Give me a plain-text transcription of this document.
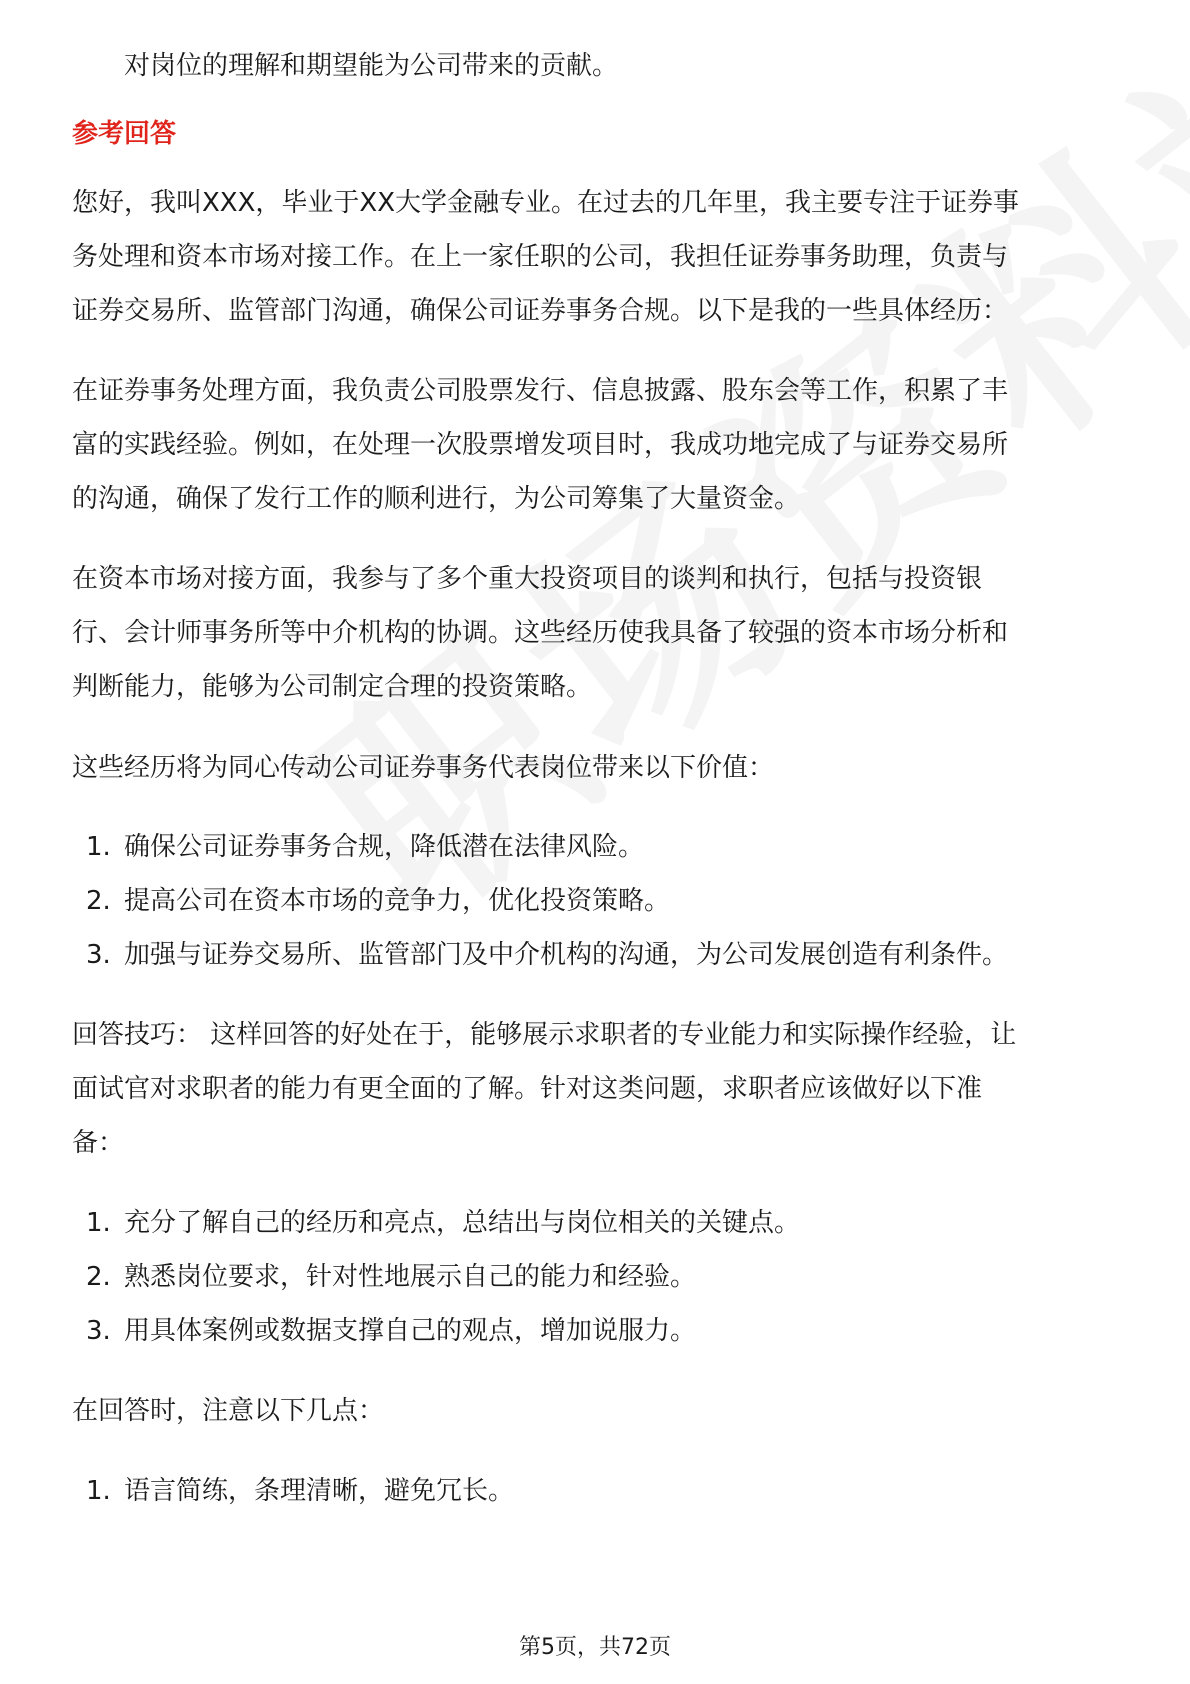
对岗位的理解和期望能为公司带来的贡献。
参考回答
您好，我叫XXX，毕业于XX大学金融专业。在过去的几年里，我主要专注于证券事
务处理和资本市场对接工作。在上一家任职的公司，我担任证券事务助理，负责与
证券交易所、监管部门沟通，确保公司证券事务合规。以下是我的一些具体经历：
在证券事务处理方面，我负责公司股票发行、信息披露、股东会等工作，积累了丰
富的实践经验。例如，在处理一次股票增发项目时，我成功地完成了与证券交易所
的沟通，确保了发行工作的顺利进行，为公司筹集了大量资金。
在资本市场对接方面，我参与了多个重大投资项目的谈判和执行，包括与投资银
行、会计师事务所等中介机构的协调。这些经历使我具备了较强的资本市场分析和
判断能力，能够为公司制定合理的投资策略。
这些经历将为同心传动公司证券事务代表岗位带来以下价值：
1. 确保公司证券事务合规，降低潜在法律风险。
2. 提高公司在资本市场的竞争力，优化投资策略。
3. 加强与证券交易所、监管部门及中介机构的沟通，为公司发展创造有利条件。
回答技巧： 这样回答的好处在于，能够展示求职者的专业能力和实际操作经验，让
面试官对求职者的能力有更全面的了解。针对这类问题，求职者应该做好以下准
备：
1. 充分了解自己的经历和亮点，总结出与岗位相关的关键点。
2. 熟悉岗位要求，针对性地展示自己的能力和经验。
3. 用具体案例或数据支撑自己的观点，增加说服力。
在回答时，注意以下几点：
1. 语言简练，条理清晰，避免冗长。
第5页，共72页
